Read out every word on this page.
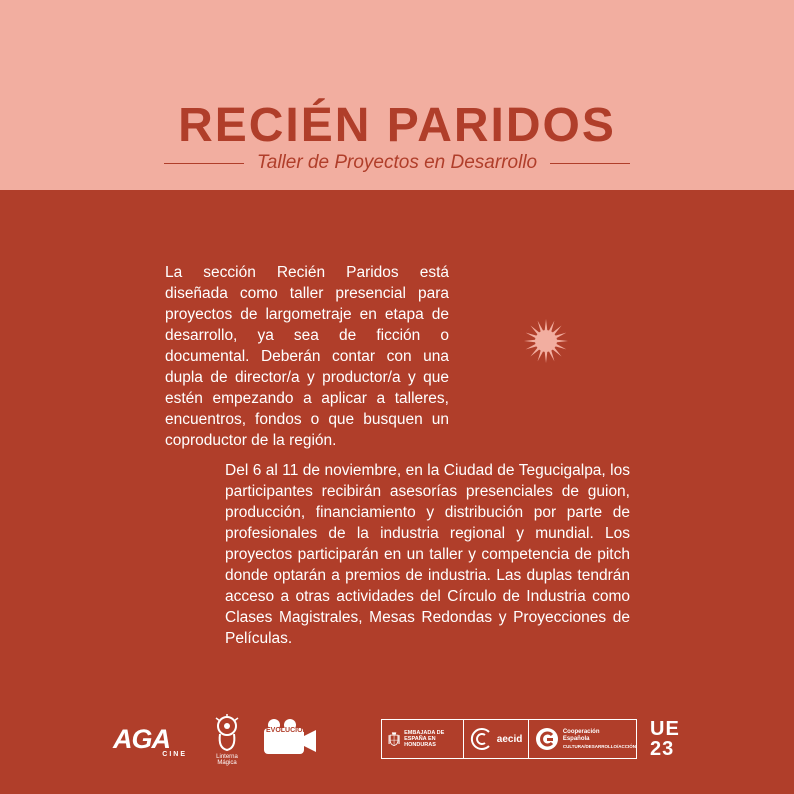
RECIÉN PARIDOS
Taller de Proyectos en Desarrollo

La sección Recién Paridos está diseñada como taller presencial para proyectos de largometraje en etapa de desarrollo, ya sea de ficción o documental. Deberán contar con una dupla de director/a y productor/a y que estén empezando a aplicar a talleres, encuentros, fondos o que busquen un coproductor de la región.

Del 6 al 11 de noviembre, en la Ciudad de Tegucigalpa, los participantes recibirán asesorías presenciales de guion, producción, financiamiento y distribución por parte de profesionales de la industria regional y mundial. Los proyectos participarán en un taller y competencia de pitch donde optarán a premios de industria. Las duplas tendrán acceso a otras actividades del Círculo de Industria como Clases Magistrales, Mesas Redondas y Proyecciones de Películas.

AGA
CINE	Linterna Mágica
EVOLUCIÓN	EMBAJADA DE ESPAÑA EN HONDURAS
aecid
Cooperación
Española
CULTURA/DESARROLLO/ACCIÓN
UE
23
